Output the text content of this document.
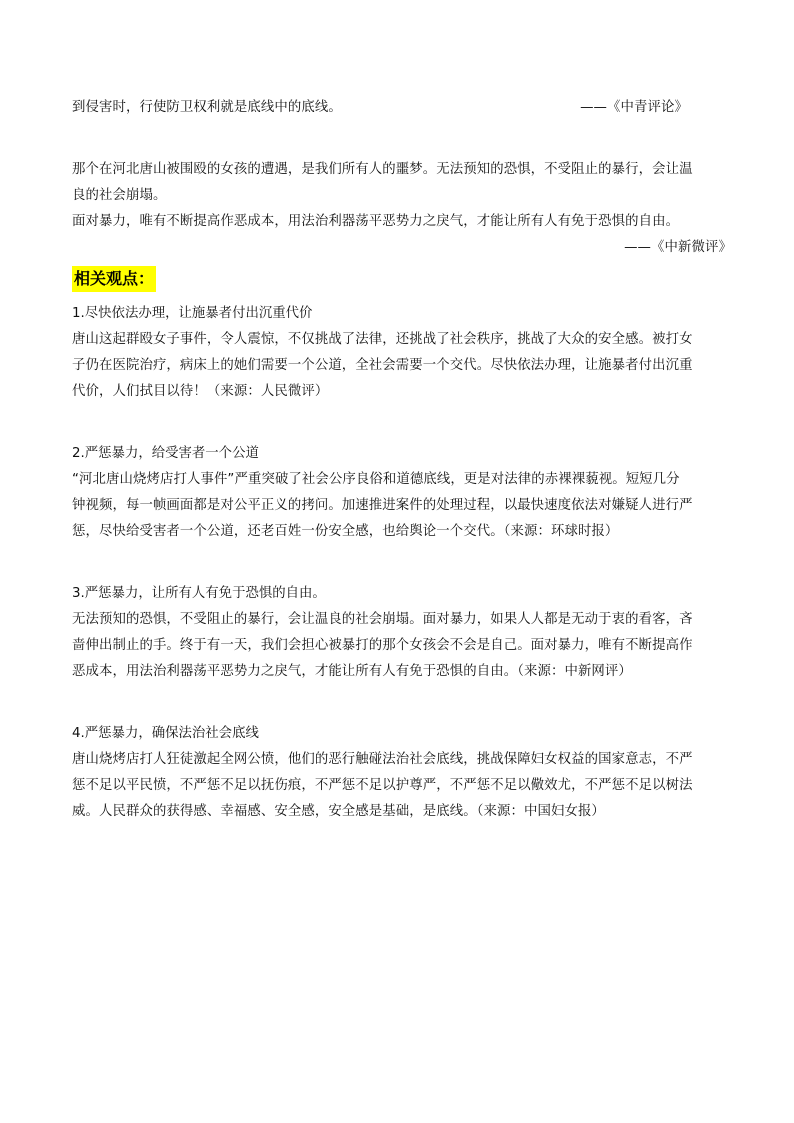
到侵害时，行使防卫权利就是底线中的底线。	——《中青评论》
那个在河北唐山被围殴的女孩的遭遇，是我们所有人的噩梦。无法预知的恐惧，不受阻止的暴行，会让温
良的社会崩塌。
面对暴力，唯有不断提高作恶成本，用法治利器荡平恶势力之戾气，才能让所有人有免于恐惧的自由。
——《中新微评》
相关观点：
1.尽快依法办理，让施暴者付出沉重代价
唐山这起群殴女子事件，令人震惊，不仅挑战了法律，还挑战了社会秩序，挑战了大众的安全感。被打女
子仍在医院治疗，病床上的她们需要一个公道，全社会需要一个交代。尽快依法办理，让施暴者付出沉重
代价，人们拭目以待！（来源：人民微评）
2.严惩暴力，给受害者一个公道
“河北唐山烧烤店打人事件”严重突破了社会公序良俗和道德底线，更是对法律的赤裸裸藐视。短短几分
钟视频，每一帧画面都是对公平正义的拷问。加速推进案件的处理过程，以最快速度依法对嫌疑人进行严
惩，尽快给受害者一个公道，还老百姓一份安全感，也给舆论一个交代。（来源：环球时报）
3.严惩暴力，让所有人有免于恐惧的自由。
无法预知的恐惧，不受阻止的暴行，会让温良的社会崩塌。面对暴力，如果人人都是无动于衷的看客，吝
啬伸出制止的手。终于有一天，我们会担心被暴打的那个女孩会不会是自己。面对暴力，唯有不断提高作
恶成本，用法治利器荡平恶势力之戾气，才能让所有人有免于恐惧的自由。（来源：中新网评）
4.严惩暴力，确保法治社会底线
唐山烧烤店打人狂徒激起全网公愤，他们的恶行触碰法治社会底线，挑战保障妇女权益的国家意志，不严
惩不足以平民愤，不严惩不足以抚伤痕，不严惩不足以护尊严，不严惩不足以儆效尤，不严惩不足以树法
威。人民群众的获得感、幸福感、安全感，安全感是基础，是底线。（来源：中国妇女报）
